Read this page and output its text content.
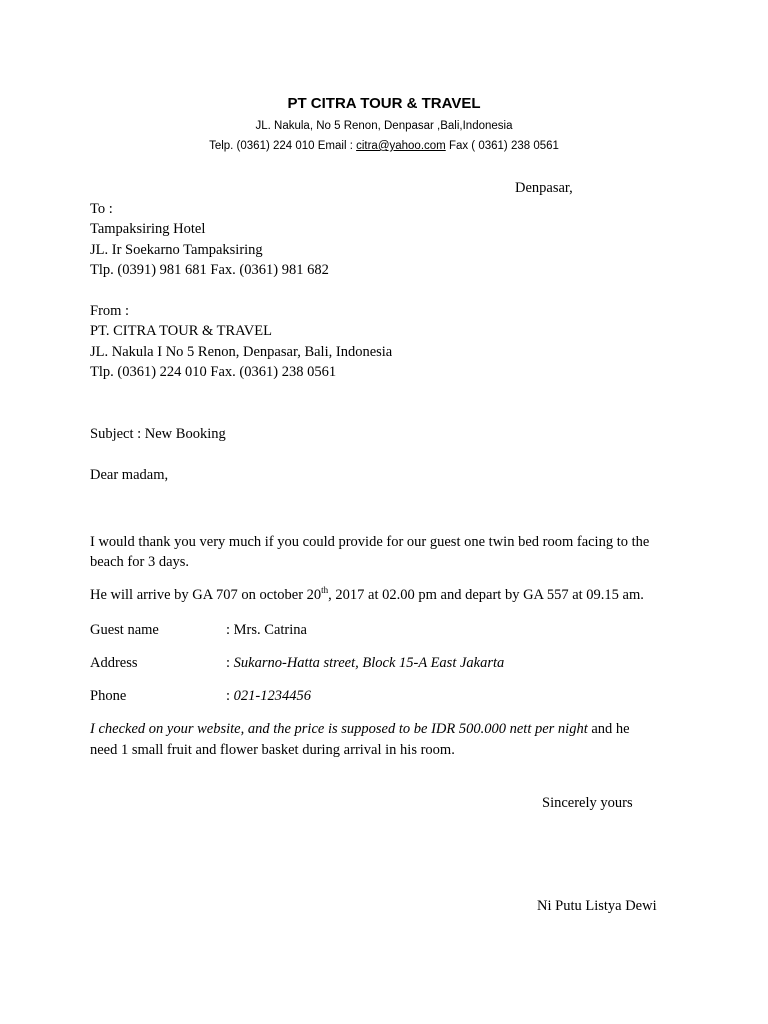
PT CITRA TOUR & TRAVEL
JL. Nakula, No 5 Renon, Denpasar ,Bali,Indonesia
Telp. (0361) 224 010 Email : citra@yahoo.com Fax ( 0361) 238 0561
Denpasar,
To :
Tampaksiring Hotel
JL. Ir Soekarno Tampaksiring
Tlp. (0391) 981 681 Fax. (0361) 981 682
From :
PT. CITRA TOUR & TRAVEL
JL. Nakula I No 5 Renon, Denpasar, Bali, Indonesia
Tlp. (0361) 224 010 Fax. (0361) 238 0561
Subject : New Booking
Dear madam,
I would thank you very much if you could provide for our guest one twin bed room facing to the
beach for 3 days.
He will arrive by GA 707 on october 20th, 2017 at 02.00 pm and depart by GA 557 at 09.15 am.
Guest name	: Mrs. Catrina
Address	: Sukarno-Hatta street, Block 15-A East Jakarta
Phone	: 021-1234456
I checked on your website, and the price is supposed to be IDR 500.000 nett per night and he
need 1 small fruit and flower basket during arrival in his room.
Sincerely yours
Ni Putu Listya Dewi
